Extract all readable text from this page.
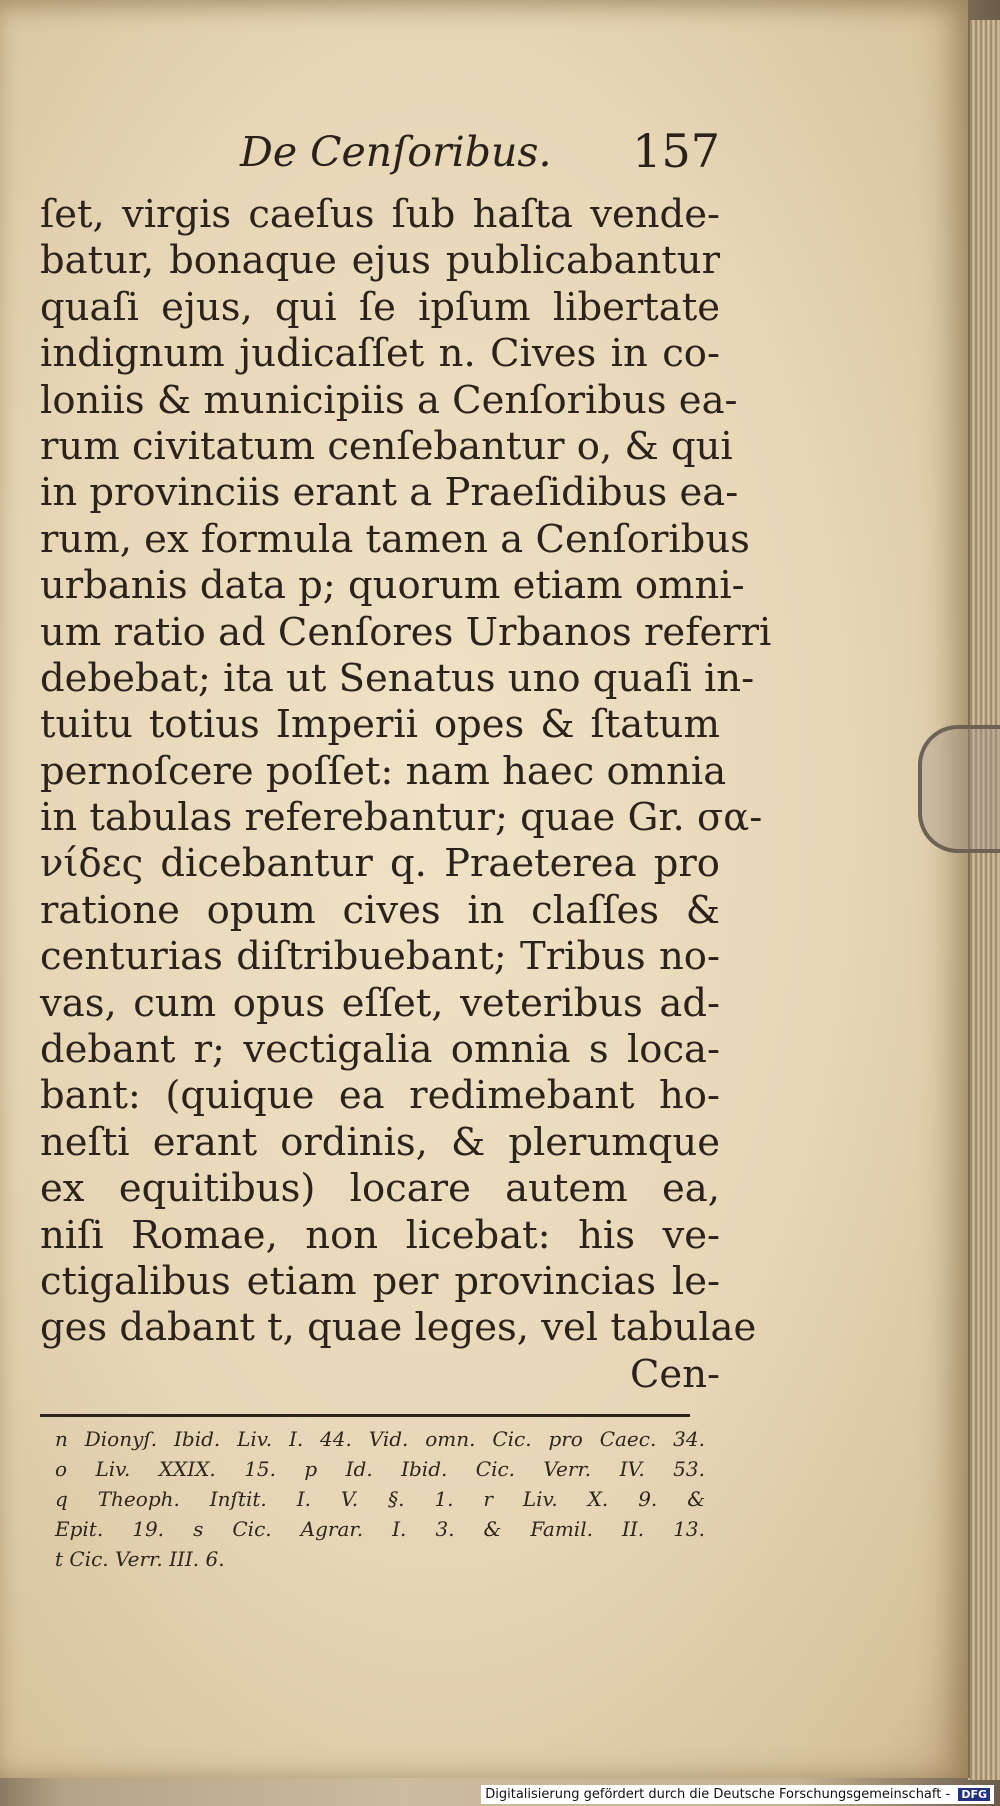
De Cenſoribus. 157
ſet, virgis caeſus ſub haſta vende-
batur, bonaque ejus publicabantur
quaſi ejus, qui ſe ipſum libertate
indignum judicaſſet n. Cives in co-
loniis & municipiis a Cenſoribus ea-
rum civitatum cenſebantur o, & qui
in provinciis erant a Praeſidibus ea-
rum, ex formula tamen a Cenſoribus
urbanis data p; quorum etiam omni-
um ratio ad Cenſores Urbanos referri
debebat; ita ut Senatus uno quaſi in-
tuitu totius Imperii opes & ſtatum
pernoſcere poſſet: nam haec omnia
in tabulas referebantur; quae Gr. σα-
νίδες dicebantur q. Praeterea pro
ratione opum cives in claſſes &
centurias diſtribuebant; Tribus no-
vas, cum opus eſſet, veteribus ad-
debant r; vectigalia omnia s loca-
bant: (quique ea redimebant ho-
neſti erant ordinis, & plerumque
ex equitibus) locare autem ea,
niſi Romae, non licebat: his ve-
ctigalibus etiam per provincias le-
ges dabant t, quae leges, vel tabulae
Cen-
n Dionyſ. Ibid. Liv. I. 44. Vid. omn. Cic. pro Caec. 34.
o Liv. XXIX. 15. p Id. Ibid. Cic. Verr. IV. 53.
q Theoph. Inſtit. I. V. §. 1. r Liv. X. 9. &
Epit. 19. s Cic. Agrar. I. 3. & Famil. II. 13.
t Cic. Verr. III. 6.
Digitalisierung gefördert durch die Deutsche Forschungsgemeinschaft - DFG
